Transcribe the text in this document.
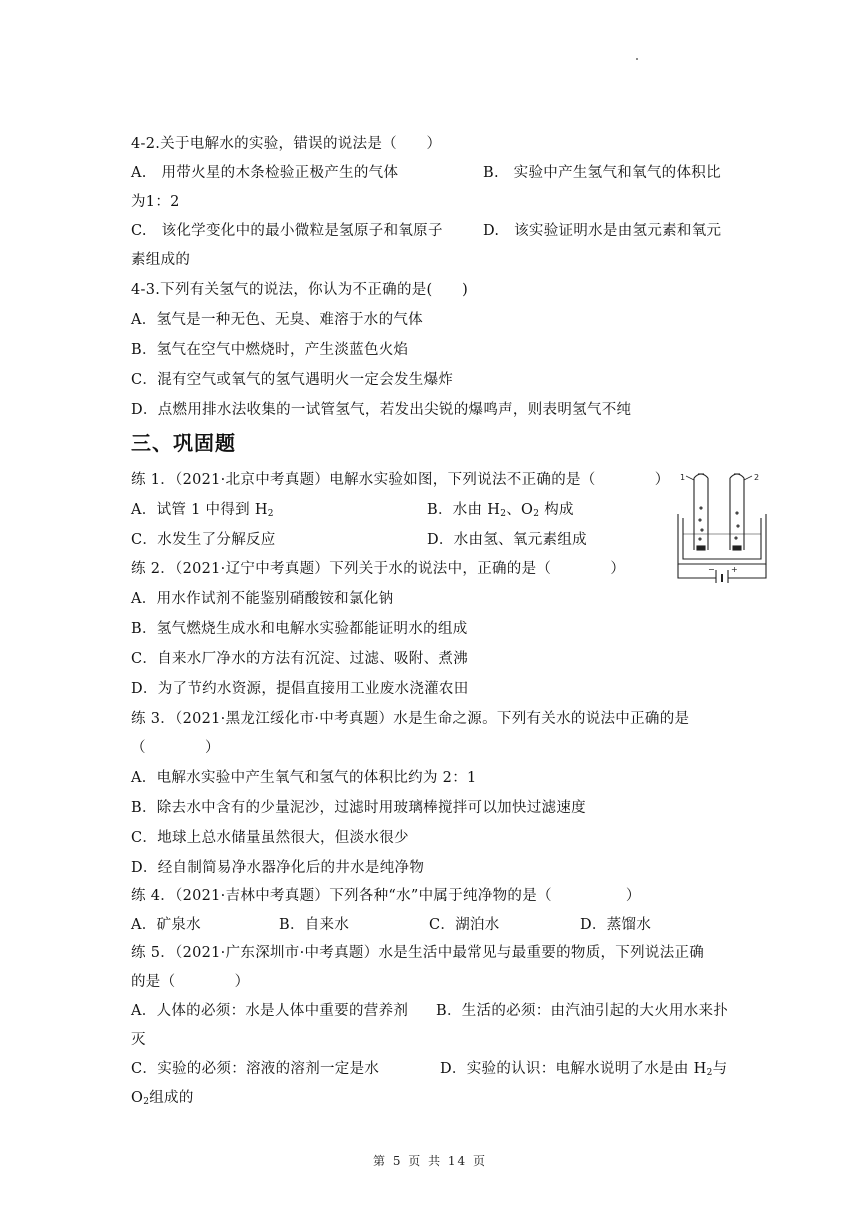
4-2.关于电解水的实验，错误的说法是（　　）
A.　用带火星的木条检验正极产生的气体	B.　实验中产生氢气和氧气的体积比
为1：2
C.　该化学变化中的最小微粒是氢原子和氧原子	D.　该实验证明水是由氢元素和氧元
素组成的
4-3.下列有关氢气的说法，你认为不正确的是(　　)
A．氢气是一种无色、无臭、难溶于水的气体
B．氢气在空气中燃烧时，产生淡蓝色火焰
C．混有空气或氧气的氢气遇明火一定会发生爆炸
D．点燃用排水法收集的一试管氢气，若发出尖锐的爆鸣声，则表明氢气不纯
三、巩固题
练 1．（2021·北京中考真题）电解水实验如图，下列说法不正确的是（　　　　）
A．试管 1 中得到 $H_2$	B．水由 $H_2$、$O_2$ 构成
C．水发生了分解反应	D．水由氢、氧元素组成
1	2
− +
练 2．（2021·辽宁中考真题）下列关于水的说法中，正确的是（　　　　）
A．用水作试剂不能鉴别硝酸铵和氯化钠
B．氢气燃烧生成水和电解水实验都能证明水的组成
C．自来水厂净水的方法有沉淀、过滤、吸附、煮沸
D．为了节约水资源，提倡直接用工业废水浇灌农田
练 3．（2021·黑龙江绥化市·中考真题）水是生命之源。下列有关水的说法中正确的是
（　　　　）
A．电解水实验中产生氧气和氢气的体积比约为 2：1
B．除去水中含有的少量泥沙，过滤时用玻璃棒搅拌可以加快过滤速度
C．地球上总水储量虽然很大，但淡水很少
D．经自制简易净水器净化后的井水是纯净物
练 4．（2021·吉林中考真题）下列各种“水”中属于纯净物的是（　　　　　）
A．矿泉水	B．自来水	C．湖泊水	D．蒸馏水
练 5．（2021·广东深圳市·中考真题）水是生活中最常见与最重要的物质，下列说法正确
的是（　　　　）
A．人体的必须：水是人体中重要的营养剂 B．生活的必须：由汽油引起的大火用水来扑
灭
C．实验的必须：溶液的溶剂一定是水	D．实验的认识：电解水说明了水是由 $H_2$与
$O_2$组成的
第 5 页 共 14 页
